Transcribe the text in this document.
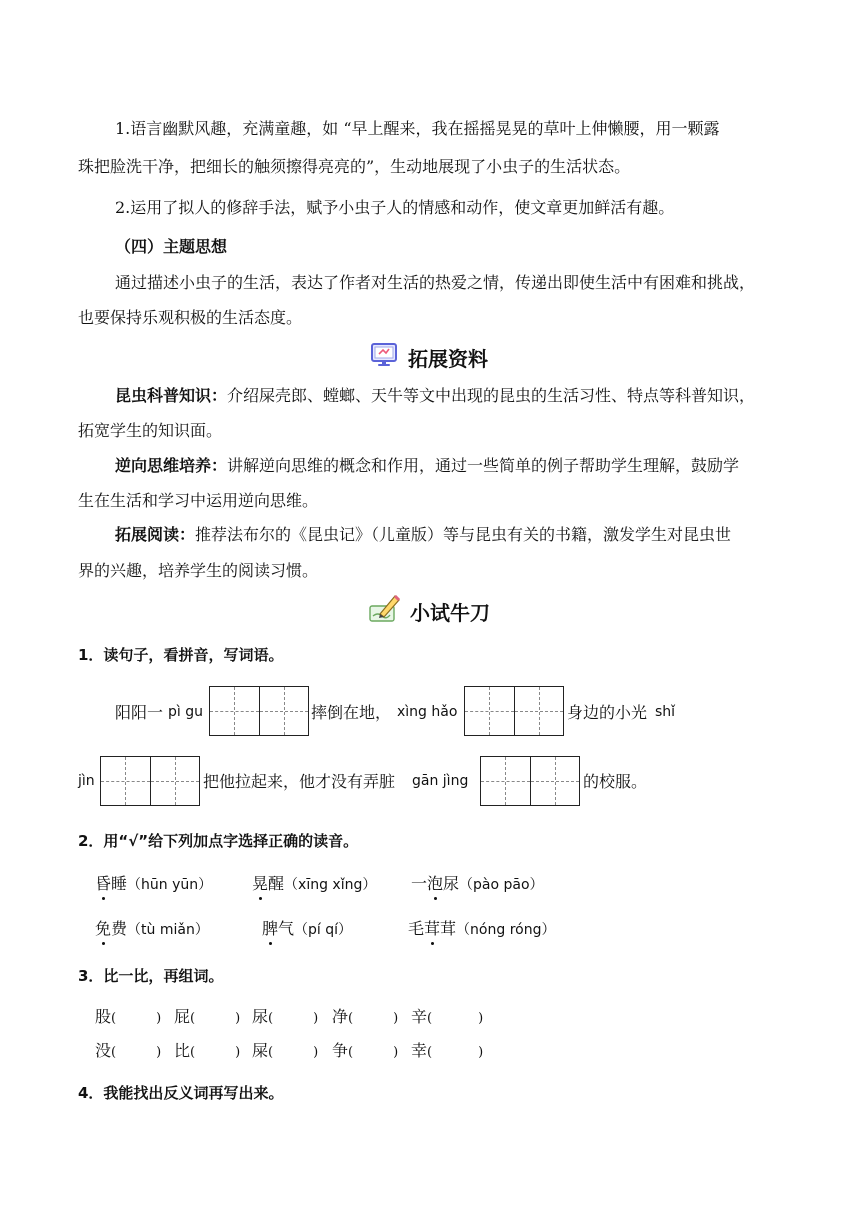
1.语言幽默风趣，充满童趣，如 “早上醒来，我在摇摇晃晃的草叶上伸懒腰，用一颗露
珠把脸洗干净，把细长的触须擦得亮亮的”，生动地展现了小虫子的生活状态。
2.运用了拟人的修辞手法，赋予小虫子人的情感和动作，使文章更加鲜活有趣。
（四）主题思想
通过描述小虫子的生活，表达了作者对生活的热爱之情，传递出即使生活中有困难和挑战，
也要保持乐观积极的生活态度。
拓展资料
昆虫科普知识：介绍屎壳郎、螳螂、天牛等文中出现的昆虫的生活习性、特点等科普知识，
拓宽学生的知识面。
逆向思维培养：讲解逆向思维的概念和作用，通过一些简单的例子帮助学生理解，鼓励学
生在生活和学习中运用逆向思维。
拓展阅读：推荐法布尔的《昆虫记》（儿童版）等与昆虫有关的书籍，激发学生对昆虫世
界的兴趣，培养学生的阅读习惯。
小试牛刀
1．读句子，看拼音，写词语。
阳阳一 pì gu	摔倒在地， xìng hǎo	身边的小光 shǐ
jìn	把他拉起来，他才没有弄脏 gān jìng	的校服。
2．用“√”给下列加点字选择正确的读音。
昏睡（hūn yūn） 晃醒（xīng xǐng） 一泡尿（pào pāo）
免费（tù miǎn）	脾气（pí qí）	毛茸茸（nóng róng）
3．比一比，再组词。
股(	) 屁(	) 尿(	) 净(	) 辛(	)
没(	) 比(	) 屎(	) 争(	) 幸(	)
4．我能找出反义词再写出来。
